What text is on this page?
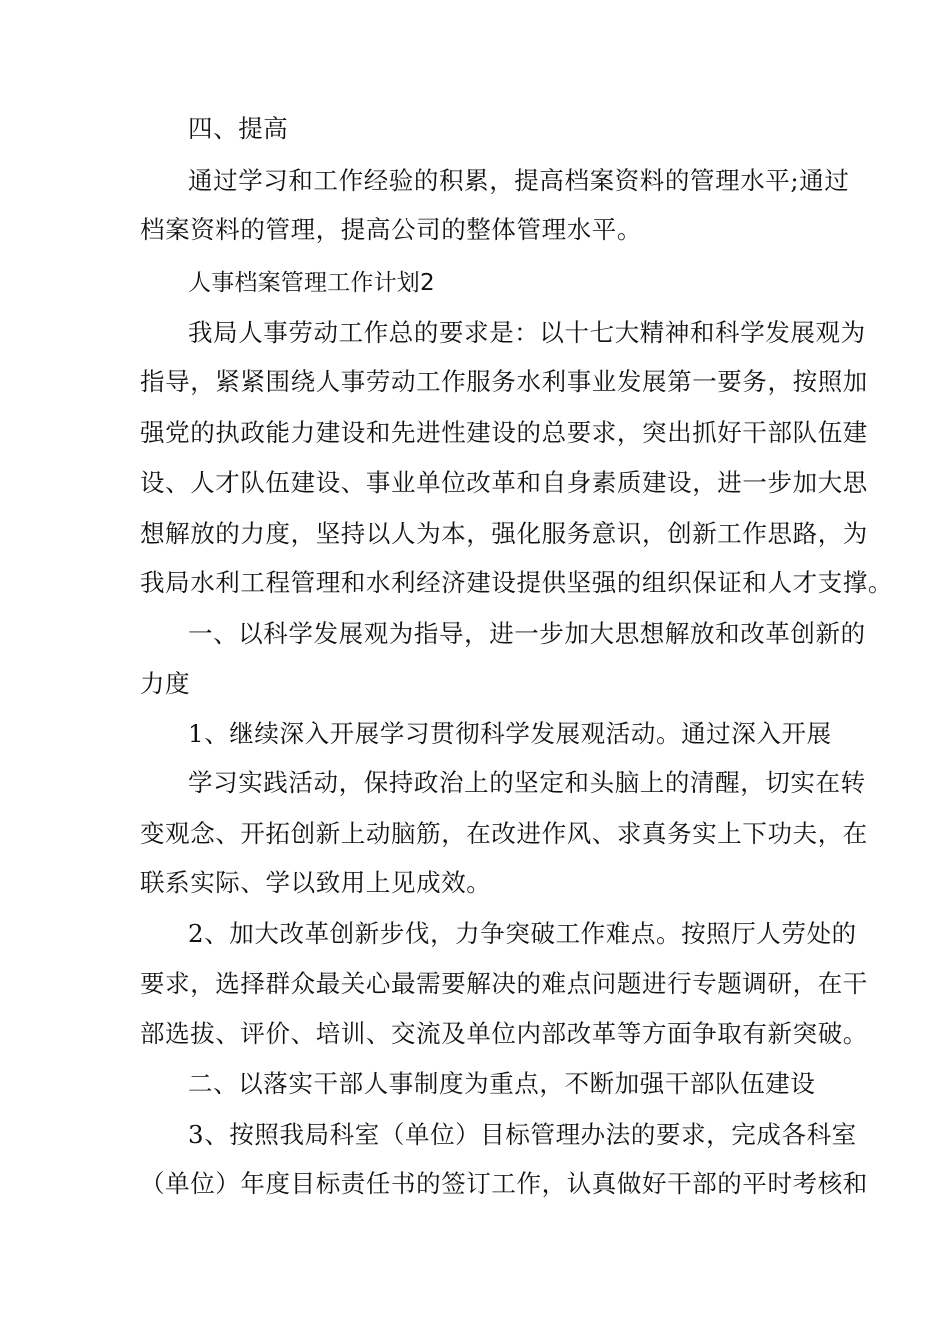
四、提高
通过学习和工作经验的积累，提高档案资料的管理水平;通过
档案资料的管理，提高公司的整体管理水平。
人事档案管理工作计划2
我局人事劳动工作总的要求是：以十七大精神和科学发展观为
指导，紧紧围绕人事劳动工作服务水利事业发展第一要务，按照加
强党的执政能力建设和先进性建设的总要求，突出抓好干部队伍建
设、人才队伍建设、事业单位改革和自身素质建设，进一步加大思
想解放的力度，坚持以人为本，强化服务意识，创新工作思路，为
我局水利工程管理和水利经济建设提供坚强的组织保证和人才支撑。
一、以科学发展观为指导，进一步加大思想解放和改革创新的
力度
1、继续深入开展学习贯彻科学发展观活动。通过深入开展
学习实践活动，保持政治上的坚定和头脑上的清醒，切实在转
变观念、开拓创新上动脑筋，在改进作风、求真务实上下功夫，在
联系实际、学以致用上见成效。
2、加大改革创新步伐，力争突破工作难点。按照厅人劳处的
要求，选择群众最关心最需要解决的难点问题进行专题调研，在干
部选拔、评价、培训、交流及单位内部改革等方面争取有新突破。
二、以落实干部人事制度为重点，不断加强干部队伍建设
3、按照我局科室（单位）目标管理办法的要求，完成各科室
（单位）年度目标责任书的签订工作，认真做好干部的平时考核和
